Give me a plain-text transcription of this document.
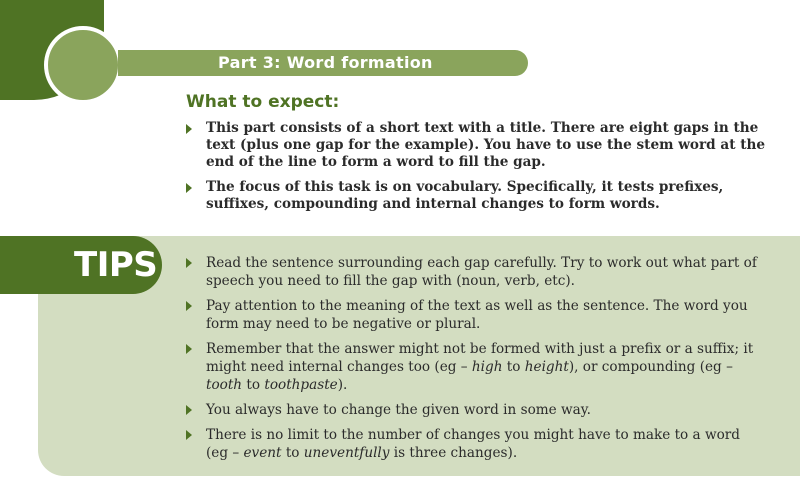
Part 3: Word formation
What to expect:
This part consists of a short text with a title. There are eight gaps in the text (plus one gap for the example). You have to use the stem word at the end of the line to form a word to fill the gap.
The focus of this task is on vocabulary. Specifically, it tests prefixes, suffixes, compounding and internal changes to form words.
TIPS	Read the sentence surrounding each gap carefully. Try to work out what part of speech you need to fill the gap with (noun, verb, etc).
Pay attention to the meaning of the text as well as the sentence. The word you form may need to be negative or plural.
Remember that the answer might not be formed with just a prefix or a suffix; it might need internal changes too (eg – high to height), or compounding (eg – tooth to toothpaste).
You always have to change the given word in some way.
There is no limit to the number of changes you might have to make to a word (eg – event to uneventfully is three changes).
